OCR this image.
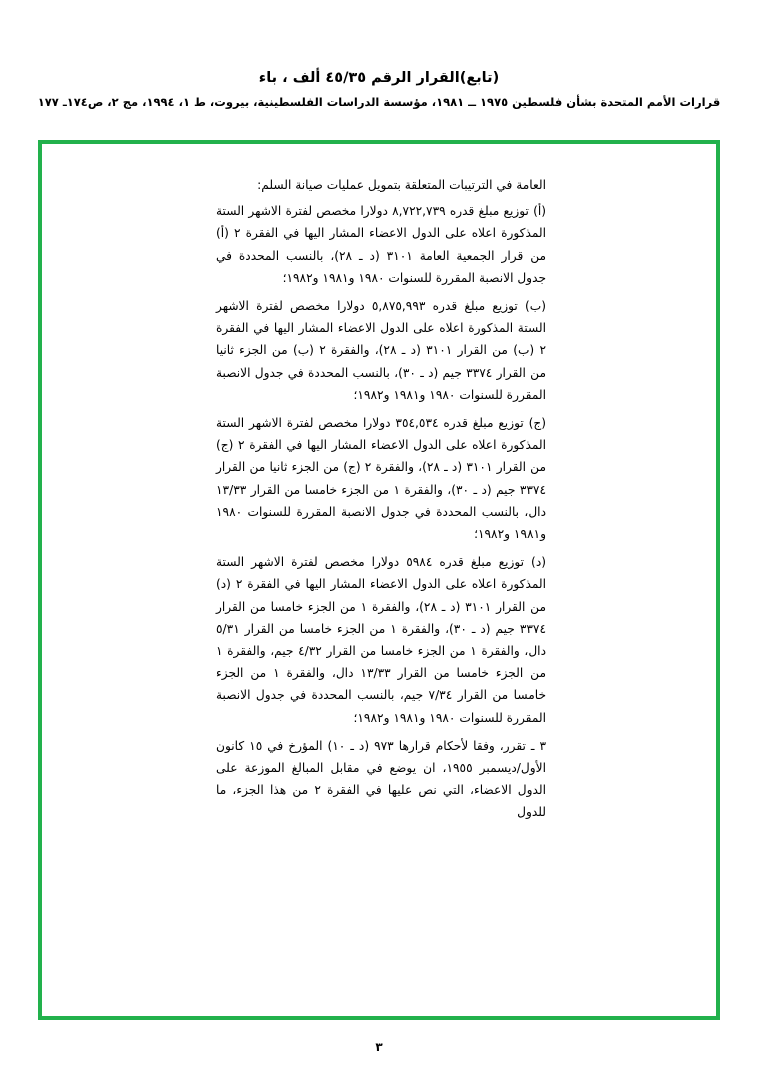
(تابع)القرار الرقم ٤٥/٣٥ ألف ، باء
قرارات الأمم المتحدة بشأن فلسطين ١٩٧٥ ــ ١٩٨١، مؤسسة الدراسات الفلسطينية، بيروت، ط ١، ١٩٩٤، مج ٢، ص١٧٤ـ ١٧٧

العامة في الترتيبات المتعلقة بتمويل عمليات صيانة السلم:

(أ) توزيع مبلغ قدره ٨,٧٢٢,٧٣٩ دولارا مخصص لفترة الاشهر الستة المذكورة اعلاه على الدول الاعضاء المشار اليها في الفقرة ٢ (أ) من قرار الجمعية العامة ٣١٠١ (د ـ ٢٨)، بالنسب المحددة في جدول الانصبة المقررة للسنوات ١٩٨٠ و١٩٨١ و١٩٨٢؛

(ب) توزيع مبلغ قدره ٥,٨٧٥,٩٩٣ دولارا مخصص لفترة الاشهر الستة المذكورة اعلاه على الدول الاعضاء المشار اليها في الفقرة ٢ (ب) من القرار ٣١٠١ (د ـ ٢٨)، والفقرة ٢ (ب) من الجزء ثانيا من القرار ٣٣٧٤ جيم (د ـ ٣٠)، بالنسب المحددة في جدول الانصبة المقررة للسنوات ١٩٨٠ و١٩٨١ و١٩٨٢؛

(ج) توزيع مبلغ قدره ٣٥٤,٥٣٤ دولارا مخصص لفترة الاشهر الستة المذكورة اعلاه على الدول الاعضاء المشار اليها في الفقرة ٢ (ج) من القرار ٣١٠١ (د ـ ٢٨)، والفقرة ٢ (ج) من الجزء ثانيا من القرار ٣٣٧٤ جيم (د ـ ٣٠)، والفقرة ١ من الجزء خامسا من القرار ١٣/٣٣ دال، بالنسب المحددة في جدول الانصبة المقررة للسنوات ١٩٨٠ و١٩٨١ و١٩٨٢؛

(د) توزيع مبلغ قدره ٥٩٨٤ دولارا مخصص لفترة الاشهر الستة المذكورة اعلاه على الدول الاعضاء المشار اليها في الفقرة ٢ (د) من القرار ٣١٠١ (د ـ ٢٨)، والفقرة ١ من الجزء خامسا من القرار ٣٣٧٤ جيم (د ـ ٣٠)، والفقرة ١ من الجزء خامسا من القرار ٥/٣١ دال، والفقرة ١ من الجزء خامسا من القرار ٤/٣٢ جيم، والفقرة ١ من الجزء خامسا من القرار ١٣/٣٣ دال، والفقرة ١ من الجزء خامسا من القرار ٧/٣٤ جيم، بالنسب المحددة في جدول الانصبة المقررة للسنوات ١٩٨٠ و١٩٨١ و١٩٨٢؛

٣ ـ تقرر، وفقا لأحكام قرارها ٩٧٣ (د ـ ١٠) المؤرخ في ١٥ كانون الأول/ديسمبر ١٩٥٥، ان يوضع في مقابل المبالغ الموزعة على الدول الاعضاء، التي نص عليها في الفقرة ٢ من هذا الجزء، ما للدول

٣
